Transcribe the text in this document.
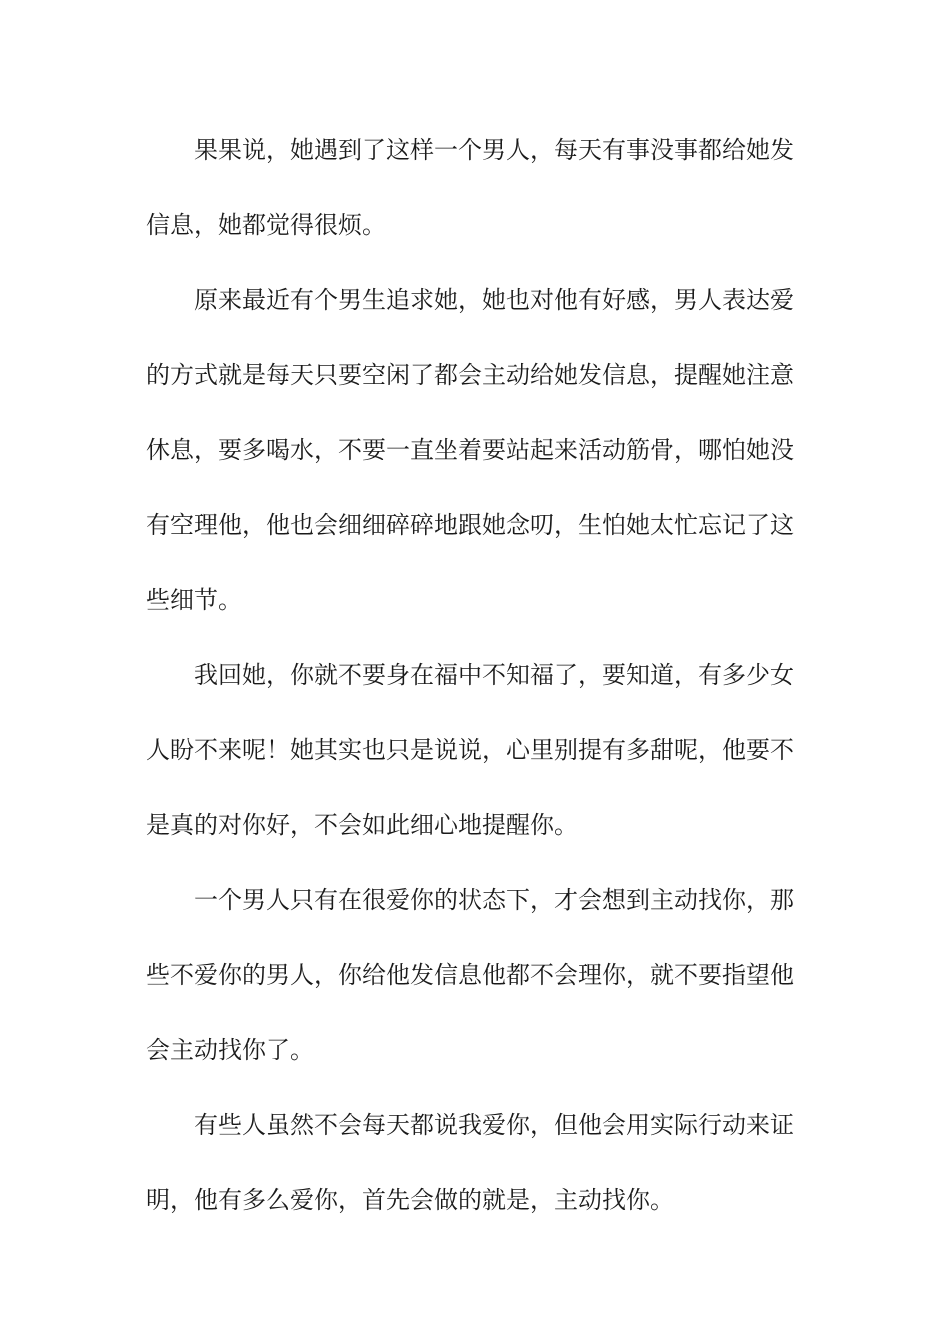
果果说，她遇到了这样一个男人，每天有事没事都给她发
信息，她都觉得很烦。
原来最近有个男生追求她，她也对他有好感，男人表达爱
的方式就是每天只要空闲了都会主动给她发信息，提醒她注意
休息，要多喝水，不要一直坐着要站起来活动筋骨，哪怕她没
有空理他，他也会细细碎碎地跟她念叨，生怕她太忙忘记了这
些细节。
我回她，你就不要身在福中不知福了，要知道，有多少女
人盼不来呢！她其实也只是说说，心里别提有多甜呢，他要不
是真的对你好，不会如此细心地提醒你。
一个男人只有在很爱你的状态下，才会想到主动找你，那
些不爱你的男人，你给他发信息他都不会理你，就不要指望他
会主动找你了。
有些人虽然不会每天都说我爱你，但他会用实际行动来证
明，他有多么爱你，首先会做的就是，主动找你。
